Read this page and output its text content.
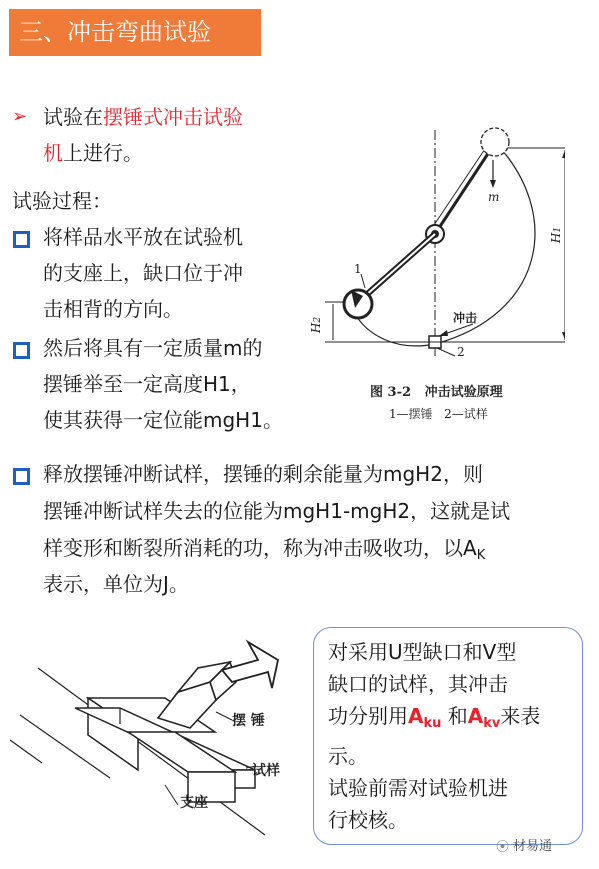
三、冲击弯曲试验
➢ 试验在摆锤式冲击试验
机上进行。
试验过程：
将样品水平放在试验机
的支座上，缺口位于冲
击相背的方向。
然后将具有一定质量m的
摆锤举至一定高度H1，
使其获得一定位能mgH1。
释放摆锤冲断试样，摆锤的剩余能量为mgH2，则
摆锤冲断试样失去的位能为mgH1-mgH2，这就是试
样变形和断裂所消耗的功，称为冲击吸收功，以$A_K$
表示，单位为J。
m
H1
H2	冲击
1
2
图 3-2   冲击试验原理
1—摆锤   2—试样
摆 锤
试样
支座
对采用U型缺口和V型
缺口的试样，其冲击
功分别用$A_{ku}$ 和$A_{kv}$来表
示。
试验前需对试验机进
行校核。
⦿ 材易通
